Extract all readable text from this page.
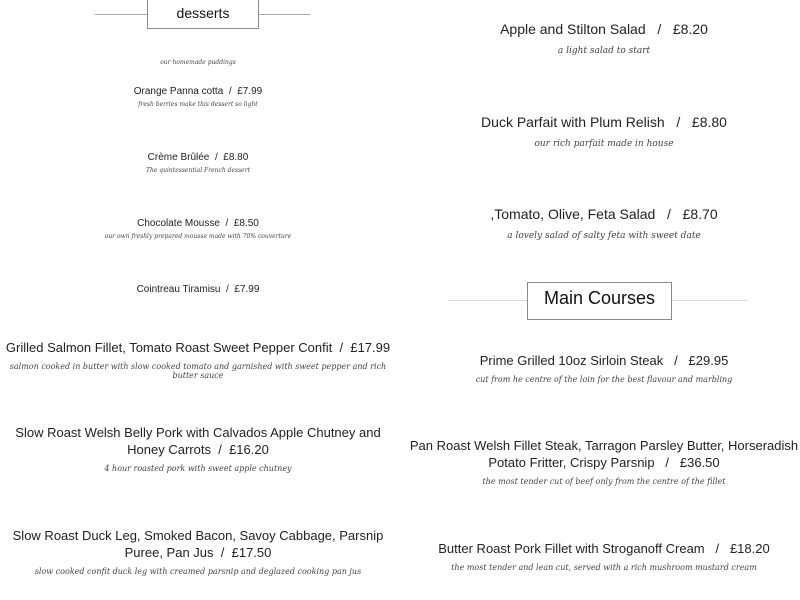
desserts
our homemade puddings
Orange Panna cotta / £7.99
fresh berries make this dessert so light
Crème Brûlée / £8.80
The quintessential French dessert
Chocolate Mousse / £8.50
our own freshly prepared mousse made with 70% couverture
Cointreau Tiramisu / £7.99
Grilled Salmon Fillet, Tomato Roast Sweet Pepper Confit / £17.99
salmon cooked in butter with slow cooked tomato and garnished with sweet pepper and rich butter sauce
Slow Roast Welsh Belly Pork with Calvados Apple Chutney and Honey Carrots / £16.20
4 hour roasted pork with sweet apple chutney
Slow Roast Duck Leg, Smoked Bacon, Savoy Cabbage, Parsnip Puree, Pan Jus / £17.50
slow cooked confit duck leg with creamed parsnip and deglazed cooking pan jus
Apple and Stilton Salad / £8.20
a light salad to start
Duck Parfait with Plum Relish / £8.80
our rich parfait made in house
,Tomato, Olive, Feta Salad / £8.70
a lovely salad of salty feta with sweet date
Main Courses
Prime Grilled 10oz Sirloin Steak / £29.95
cut from he centre of the loin for the best flavour and marbling
Pan Roast Welsh Fillet Steak, Tarragon Parsley Butter, Horseradish Potato Fritter, Crispy Parsnip / £36.50
the most tender cut of beef only from the centre of the fillet
Butter Roast Pork Fillet with Stroganoff Cream / £18.20
the most tender and lean cut, served with a rich mushroom mustard cream
